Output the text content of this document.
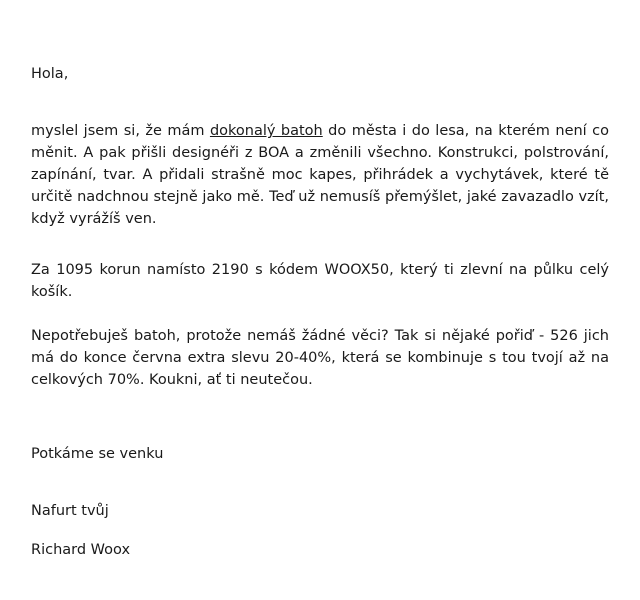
Hola,

myslel jsem si, že mám dokonalý batoh do města i do lesa, na kterém není co měnit. A pak přišli designéři z BOA a změnili všechno. Konstrukci, polstrování, zapínání, tvar. A přidali strašně moc kapes, přihrádek a vychytávek, které tě určitě nadchnou stejně jako mě. Teď už nemusíš přemýšlet, jaké zavazadlo vzít, když vyrážíš ven.

Za 1095 korun namísto 2190 s kódem WOOX50, který ti zlevní na půlku celý košík.

Nepotřebuješ batoh, protože nemáš žádné věci? Tak si nějaké pořiď - 526 jich má do konce června extra slevu 20-40%, která se kombinuje s tou tvojí až na celkových 70%. Koukni, ať ti neutečou.

Potkáme se venku

Nafurt tvůj

Richard Woox
